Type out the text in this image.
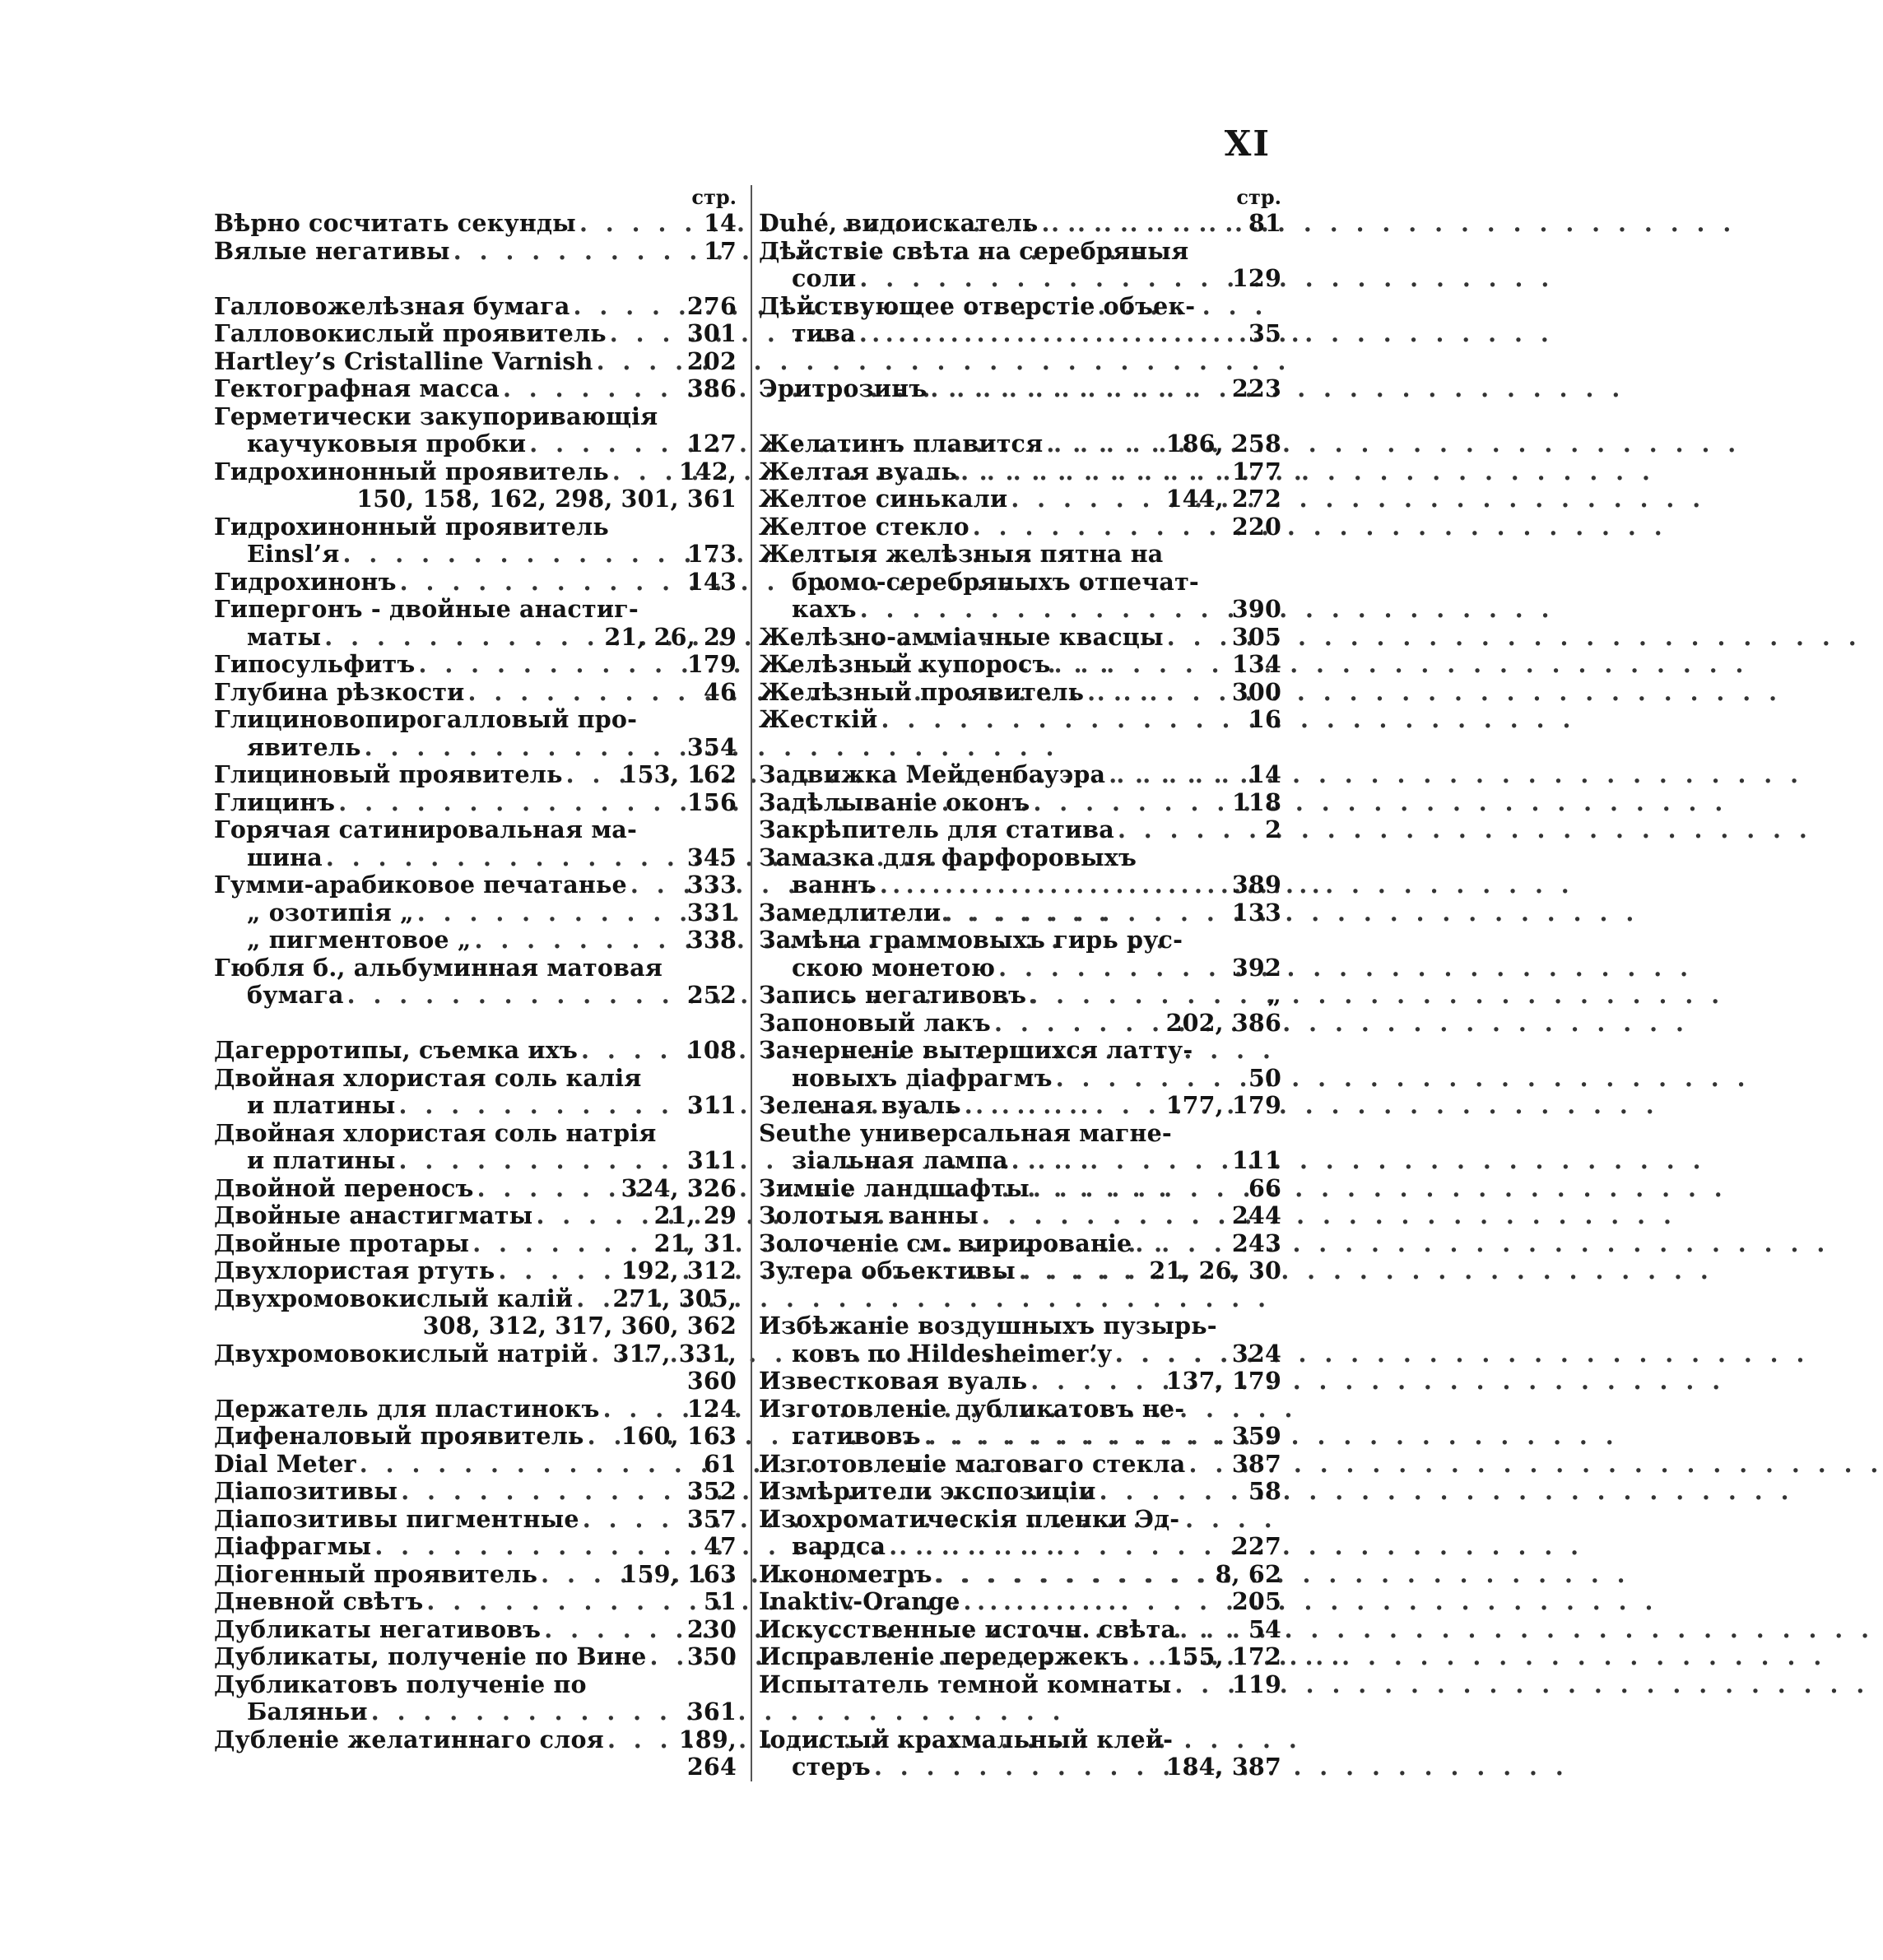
XI
стр.
Вѣрно сосчитать секунды . . .	14
Вялые негативы . . .	17
Галловожелѣзная бумага . . .	276
Галловокислый проявитель . . .	301
Hartley’s Cristalline Varnish . . .	202
Гектографная масса . . .	386
Герметически закупоривающія
каучуковыя пробки . . .	127
Гидрохинонный проявитель . . .	142,
150, 158, 162, 298, 301, 361
Гидрохинонный проявитель
Einsl’я . . .	173
Гидрохинонъ . . .	143
Гипергонъ - двойные анастиг-
маты . . .	21, 26, 29
Гипосульфитъ . . .	179
Глубина рѣзкости . . .	46
Глициновопирогалловый про-
явитель . . .	354
Глициновый проявитель . . . 153, 162
Глицинъ . . .	156
Горячая сатинировальная ма-
шина . . .	345
Гумми-арабиковое печатанье . . .	333
„ озотипія „ . . .	331
„ пигментовое „ . . .	338
Гюбля б., альбуминная матовая
бумага . . .	252
Дагерротипы, съемка ихъ . . .	108
Двойная хлористая соль калія
и платины . . .	311
Двойная хлористая соль натрія
и платины . . .	311
Двойной переносъ . . .	324, 326
Двойные анастигматы . . .	21, 29
Двойные протары . . .	21, 31
Двухлористая ртуть . . .	192, 312
Двухромовокислый калій . . . 271, 305,
308, 312, 317, 360, 362
Двухромовокислый натрій . . . 317, 331,
360
Держатель для пластинокъ . . .	124
Дифеналовый проявитель . . . 160, 163
Dial Meter . . .	61
Діапозитивы . . .	352
Діапозитивы пигментные . . .	357
Діафрагмы . . .	47
Діогенный проявитель . . .	159, 163
Дневной свѣтъ . . .	51
Дубликаты негативовъ . . .	230
Дубликаты, полученіе по Вине . . . 350
Дубликатовъ полученіе по
Баляньи . . .	361
Дубленіе желатиннаго слоя . . .	189,
264
стр.
Duhé, видоискатель . . .	81
Дѣйствіе свѣта на серебряныя
соли . . .	129
Дѣйствующее отверстіе объек-
тива . . .	35
Эритрозинъ . . .	223
Желатинъ плавится . . .	186, 258
Желтая вуаль . . .	177
Желтое синькали . . .	144, 272
Желтое стекло . . .	220
Желтыя желѣзныя пятна на
бромо-серебряныхъ отпечат-
кахъ . . .	390
Желѣзно-амміачные квасцы . . .	305
Желѣзный купоросъ . . .	134
Желѣзный проявитель . . .	300
Жесткій . . .	16
Задвижка Мейденбауэра . . .	14
Задѣлываніе оконъ . . .	118
Закрѣпитель для статива . . .	2
Замазка для фарфоровыхъ
ваннъ . . .	389
Замедлители . . .	133
Замѣна граммовыхъ гирь рус-
скою монетою . . .	392
Запись негативовъ . . .	„
Запоновый лакъ . . .	202, 386
Зачерненіе вытершихся латту-
новыхъ діафрагмъ . . .	50
Зеленая вуаль . . .	177, 179
Seuthe универсальная магне-
зіальная лампа . . .	111
Зимніе ландшафты . . .	66
Золотыя ванны . . .	244
Золоченіе см. вирированіе . . .	243
Зутера объективы . . .	21, 26, 30
Избѣжаніе воздушныхъ пузырь-
ковъ по Hildesheimer’y . . .	324
Известковая вуаль . . .	137, 179
Изготовленіе дубликатовъ не-
гативовъ . . .	359
Изготовленіе матоваго стекла . . . 387
Измѣрители экспозиціи . . .	58
Изохроматическія пленки Эд-
вардса . . .	227
Иконометръ . . .	8, 62
Inaktiv-Orange . . .	205
Искусственные источн. свѣта . . .	54
Исправленіе передержекъ . . . 155, 172
Испытатель темной комнаты . . .	119
Іодистый крахмальный клей-
стеръ . . .	184, 387
